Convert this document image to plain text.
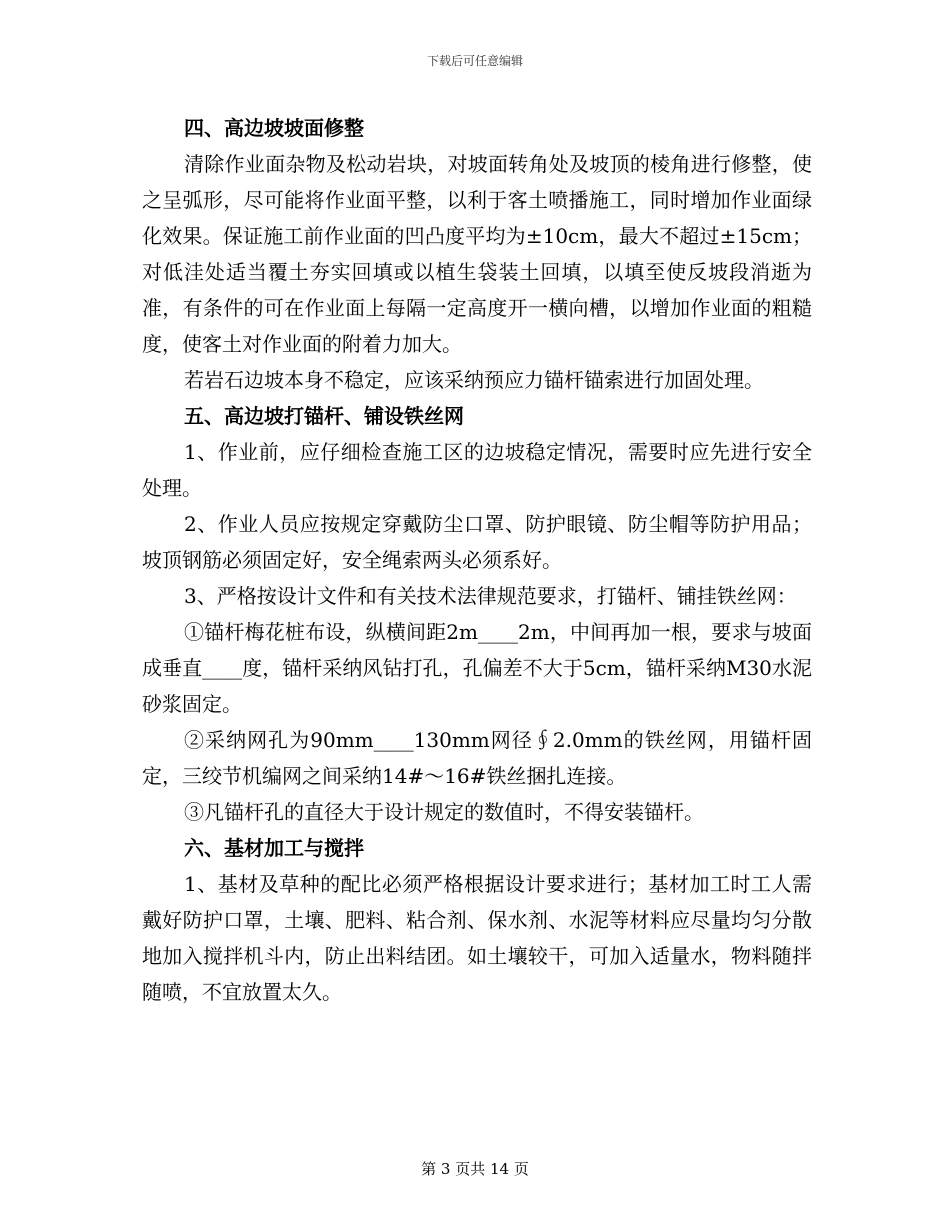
下载后可任意编辑

四、高边坡坡面修整

清除作业面杂物及松动岩块，对坡面转角处及坡顶的棱角进行修整，使之呈弧形，尽可能将作业面平整，以利于客土喷播施工，同时增加作业面绿化效果。保证施工前作业面的凹凸度平均为±10cm，最大不超过±15cm；对低洼处适当覆土夯实回填或以植生袋装土回填，以填至使反坡段消逝为准，有条件的可在作业面上每隔一定高度开一横向槽，以增加作业面的粗糙度，使客土对作业面的附着力加大。

若岩石边坡本身不稳定，应该采纳预应力锚杆锚索进行加固处理。

五、高边坡打锚杆、铺设铁丝网

1、作业前，应仔细检查施工区的边坡稳定情况，需要时应先进行安全处理。

2、作业人员应按规定穿戴防尘口罩、防护眼镜、防尘帽等防护用品；坡顶钢筋必须固定好，安全绳索两头必须系好。

3、严格按设计文件和有关技术法律规范要求，打锚杆、铺挂铁丝网：

①锚杆梅花桩布设，纵横间距2m____2m，中间再加一根，要求与坡面成垂直____度，锚杆采纳风钻打孔，孔偏差不大于5cm，锚杆采纳M30水泥砂浆固定。

②采纳网孔为90mm____130mm网径∮2.0mm的铁丝网，用锚杆固定，三绞节机编网之间采纳14#～16#铁丝捆扎连接。

③凡锚杆孔的直径大于设计规定的数值时，不得安装锚杆。

六、基材加工与搅拌

1、基材及草种的配比必须严格根据设计要求进行；基材加工时工人需戴好防护口罩，土壤、肥料、粘合剂、保水剂、水泥等材料应尽量均匀分散地加入搅拌机斗内，防止出料结团。如土壤较干，可加入适量水，物料随拌随喷，不宜放置太久。

第 3 页共 14 页
